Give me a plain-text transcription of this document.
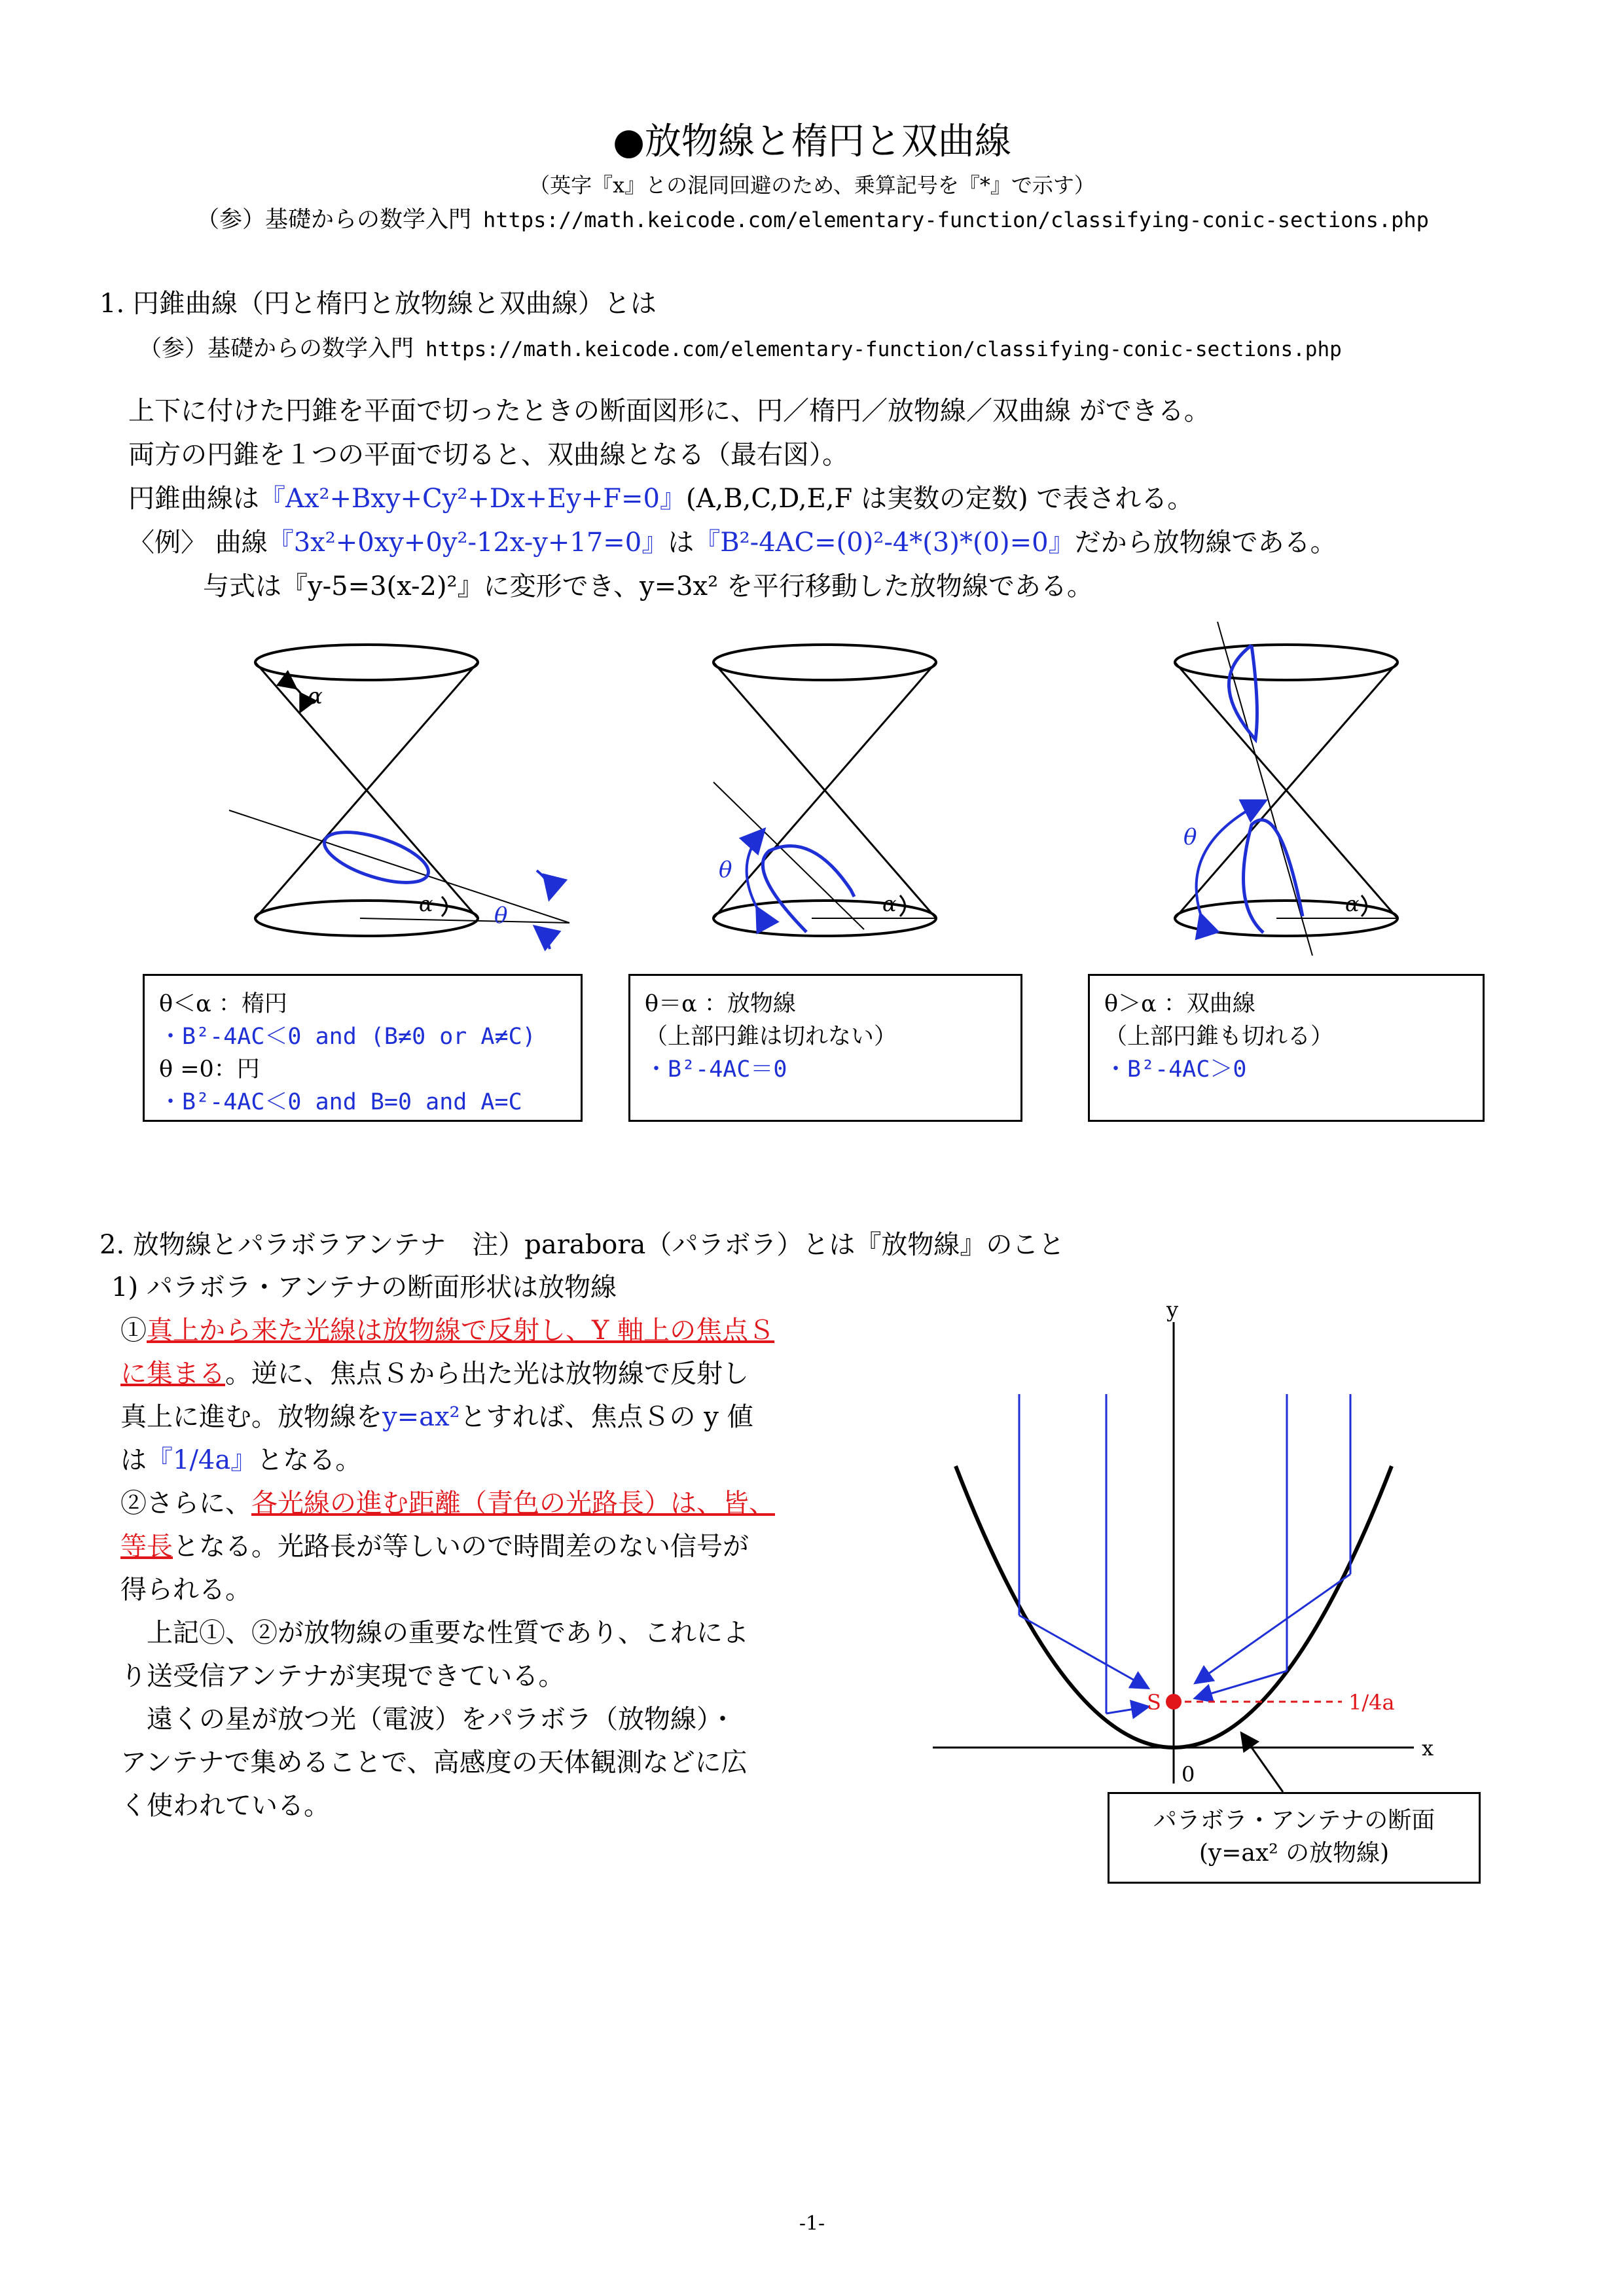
●放物線と楕円と双曲線
（英字『x』との混同回避のため、乗算記号を『*』で示す）
（参）基礎からの数学入門 https://math.keicode.com/elementary-function/classifying-conic-sections.php
1. 円錐曲線（円と楕円と放物線と双曲線）とは
（参）基礎からの数学入門 https://math.keicode.com/elementary-function/classifying-conic-sections.php
上下に付けた円錐を平面で切ったときの断面図形に、円／楕円／放物線／双曲線 ができる。
両方の円錐を１つの平面で切ると、双曲線となる（最右図）。
円錐曲線は『Ax²+Bxy+Cy²+Dx+Ey+F=0』(A,B,C,D,E,F は実数の定数) で表される。
〈例〉 曲線『3x²+0xy+0y²-12x-y+17=0』は『B²-4AC=(0)²-4*(3)*(0)=0』だから放物線である。
与式は『y-5=3(x-2)²』に変形でき、y=3x² を平行移動した放物線である。
α
α	θ	α
θ
α
θ
θ＜α ：楕円
・B²-4AC＜0 and (B≠0 or A≠C)
θ =0：円
・B²-4AC＜0 and B=0 and A=C
θ＝α ：放物線
（上部円錐は切れない）
・B²-4AC＝0
θ＞α ：双曲線
（上部円錐も切れる）
・B²-4AC＞0
2. 放物線とパラボラアンテナ　注）parabora（パラボラ）とは『放物線』のこと
1) パラボラ・アンテナの断面形状は放物線
①真上から来た光線は放物線で反射し、Y 軸上の焦点Ｓ
に集まる。逆に、焦点Ｓから出た光は放物線で反射し
真上に進む。放物線をy=ax²とすれば、焦点Ｓの y 値
は『1/4a』となる。
②さらに、各光線の進む距離（青色の光路長）は、皆、
等長となる。光路長が等しいので時間差のない信号が
得られる。
上記①、②が放物線の重要な性質であり、これによ
り送受信アンテナが実現できている。
遠くの星が放つ光（電波）をパラボラ（放物線）・
アンテナで集めることで、高感度の天体観測などに広
く使われている。
y
x
0
S	1/4a
パラボラ・アンテナの断面
(y=ax² の放物線)
-1-
